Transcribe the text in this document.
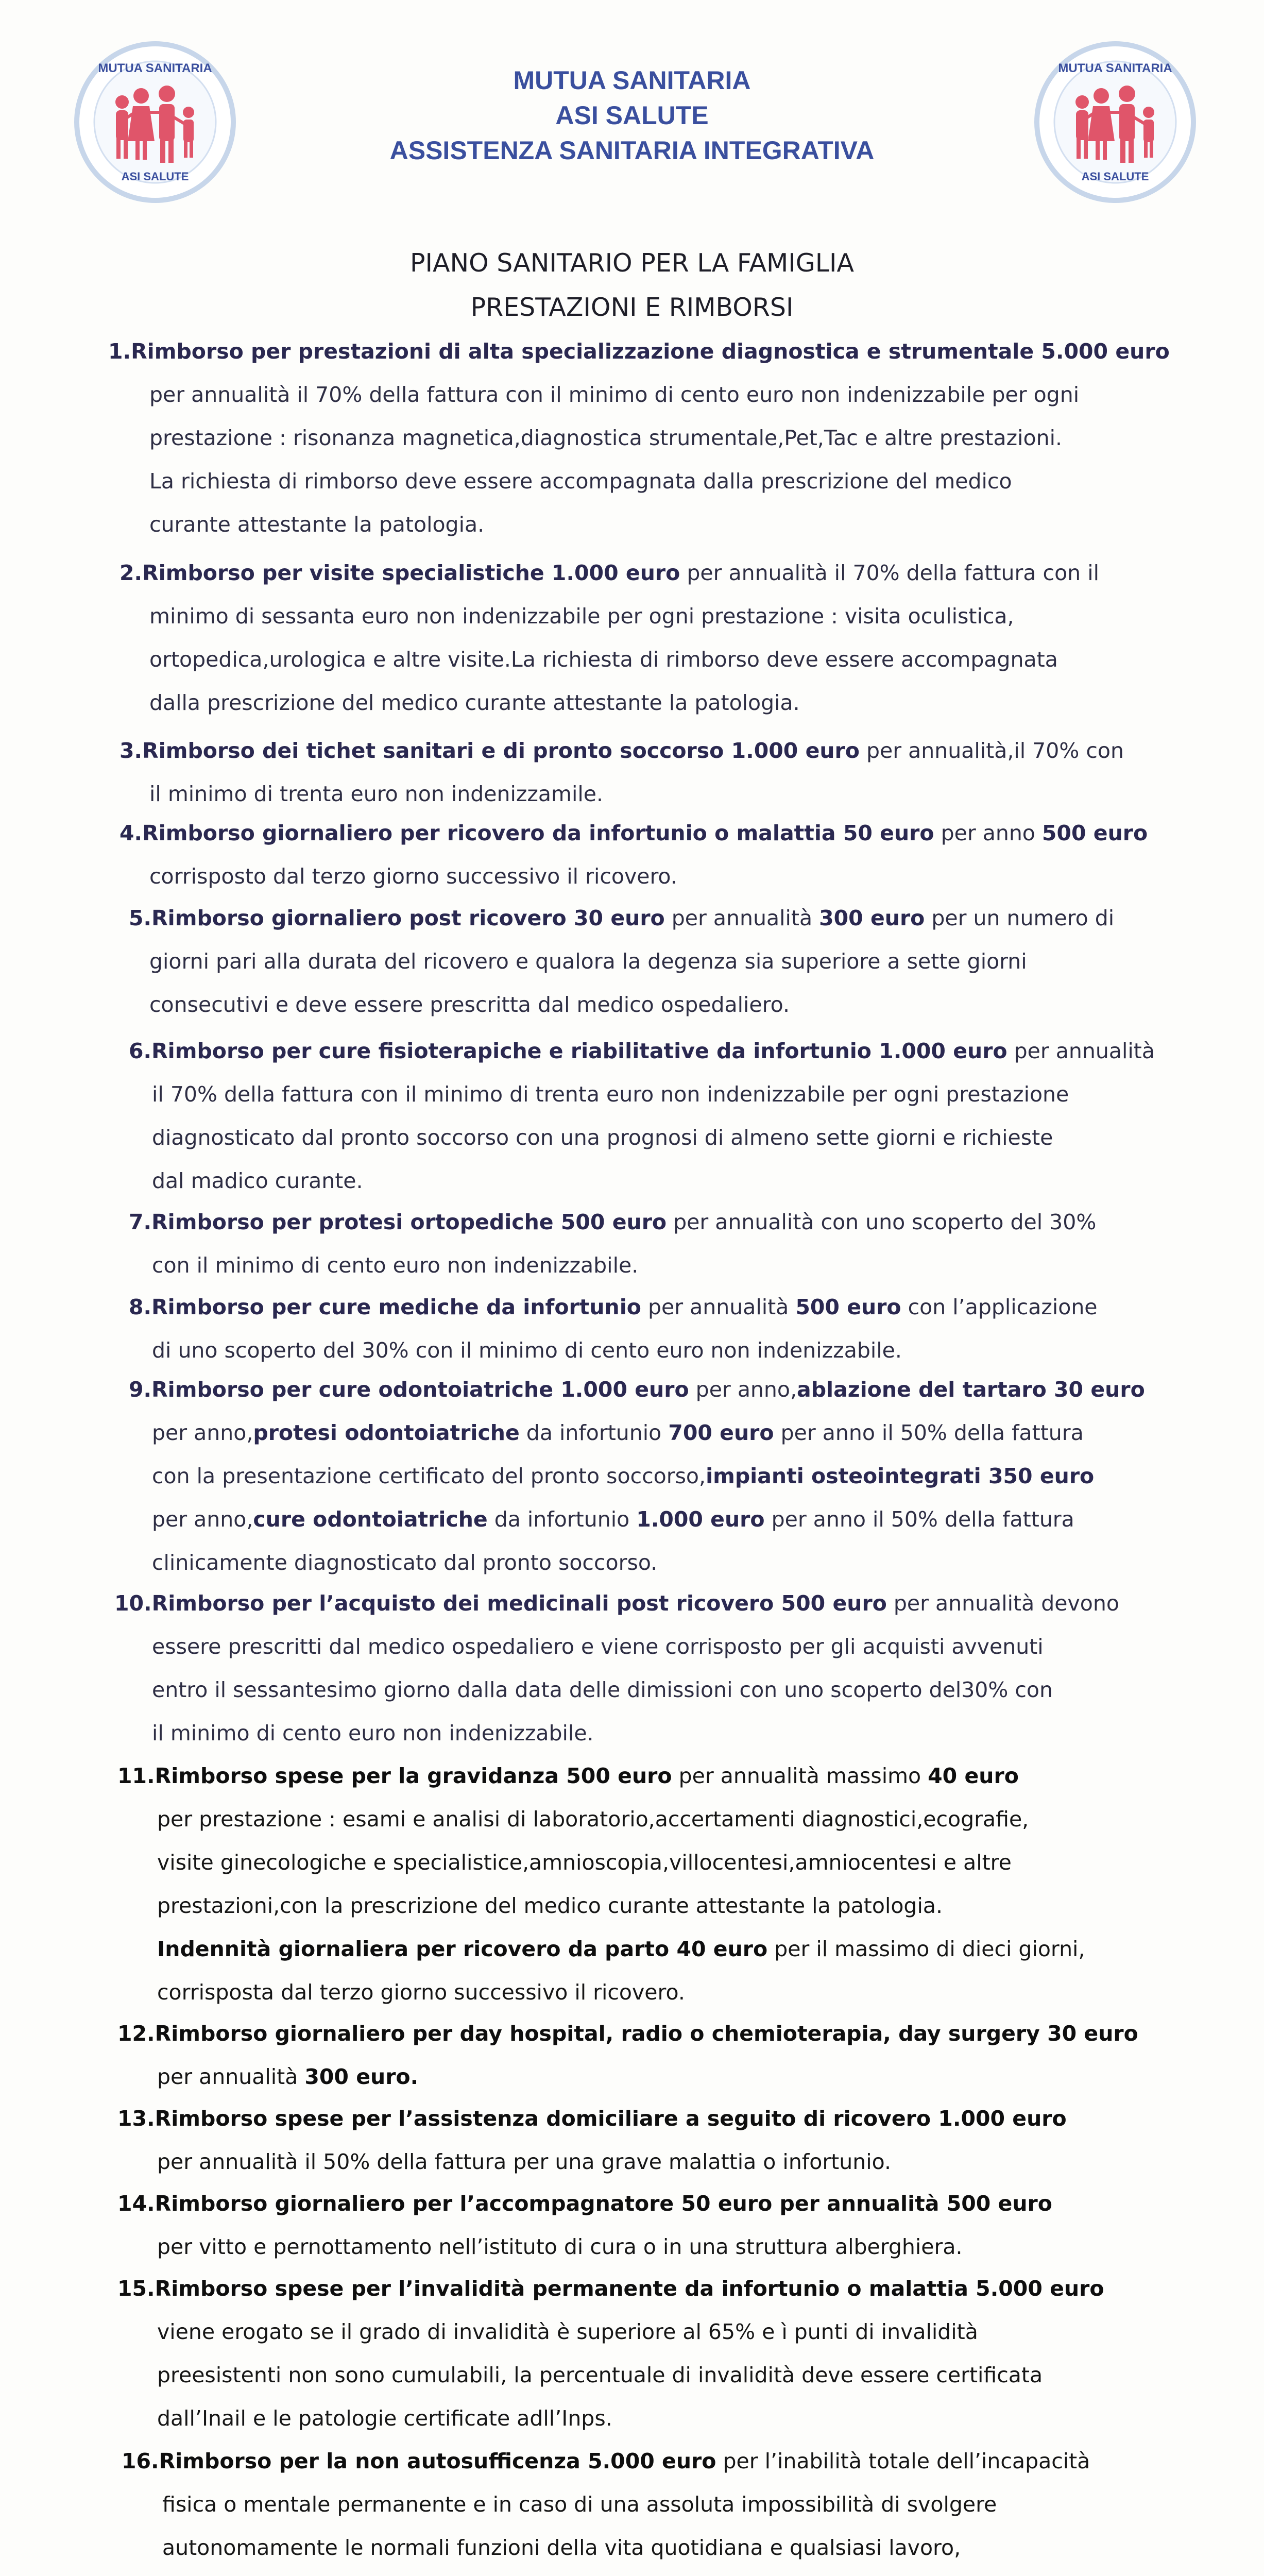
MUTUA SANITARIA
ASI SALUTE
MUTUA SANITARIA
ASI SALUTE
MUTUA SANITARIA
ASI SALUTE
ASSISTENZA SANITARIA INTEGRATIVA
PIANO SANITARIO PER LA FAMIGLIA
PRESTAZIONI E RIMBORSI

1.Rimborso per prestazioni di alta specializzazione diagnostica e strumentale 5.000 euro

per annualità il 70% della fattura con il minimo di cento euro non indenizzabile per ogni

prestazione : risonanza magnetica,diagnostica strumentale,Pet,Tac e altre prestazioni.

La richiesta di rimborso deve essere accompagnata dalla prescrizione del medico

curante attestante la patologia.

2.Rimborso per visite specialistiche 1.000 euro per annualità il 70% della fattura con il

minimo di sessanta euro non indenizzabile per ogni prestazione : visita oculistica,

ortopedica,urologica e altre visite.La richiesta di rimborso deve essere accompagnata

dalla prescrizione del medico curante attestante la patologia.

3.Rimborso dei tichet sanitari e di pronto soccorso 1.000 euro per annualità,il 70% con

il minimo di trenta euro non indenizzamile.

4.Rimborso giornaliero per ricovero da infortunio o malattia 50 euro per anno 500 euro

corrisposto dal terzo giorno successivo il ricovero.

5.Rimborso giornaliero post ricovero 30 euro per annualità 300 euro per un numero di

giorni pari alla durata del ricovero e qualora la degenza sia superiore a sette giorni

consecutivi e deve essere prescritta dal medico ospedaliero.

6.Rimborso per cure fisioterapiche e riabilitative da infortunio 1.000 euro per annualità

il 70% della fattura con il minimo di trenta euro non indenizzabile per ogni prestazione

diagnosticato dal pronto soccorso con una prognosi di almeno sette giorni e richieste

dal madico curante.

7.Rimborso per protesi ortopediche 500 euro per annualità con uno scoperto del 30%

con il minimo di cento euro non indenizzabile.

8.Rimborso per cure mediche da infortunio per annualità 500 euro con l’applicazione

di uno scoperto del 30% con il minimo di cento euro non indenizzabile.

9.Rimborso per cure odontoiatriche 1.000 euro per anno,ablazione del tartaro 30 euro

per anno,protesi odontoiatriche da infortunio 700 euro per anno il 50% della fattura

con la presentazione certificato del pronto soccorso,impianti osteointegrati 350 euro

per anno,cure odontoiatriche da infortunio 1.000 euro per anno il 50% della fattura

clinicamente diagnosticato dal pronto soccorso.

10.Rimborso per l’acquisto dei medicinali post ricovero 500 euro per annualità devono

essere prescritti dal medico ospedaliero e viene corrisposto per gli acquisti avvenuti

entro il sessantesimo giorno dalla data delle dimissioni con uno scoperto del30% con

il minimo di cento euro non indenizzabile.

11.Rimborso spese per la gravidanza 500 euro per annualità massimo 40 euro

per prestazione : esami e analisi di laboratorio,accertamenti diagnostici,ecografie,

visite ginecologiche e specialistice,amnioscopia,villocentesi,amniocentesi e altre

prestazioni,con la prescrizione del medico curante attestante la patologia.

Indennità giornaliera per ricovero da parto 40 euro per il massimo di dieci giorni,

corrisposta dal terzo giorno successivo il ricovero.

12.Rimborso giornaliero per day hospital, radio o chemioterapia, day surgery 30 euro

per annualità 300 euro.

13.Rimborso spese per l’assistenza domiciliare a seguito di ricovero 1.000 euro

per annualità il 50% della fattura per una grave malattia o infortunio.

14.Rimborso giornaliero per l’accompagnatore 50 euro per annualità 500 euro

per vitto e pernottamento nell’istituto di cura o in una struttura alberghiera.

15.Rimborso spese per l’invalidità permanente da infortunio o malattia 5.000 euro

viene erogato se il grado di invalidità è superiore al 65% e ì punti di invalidità

preesistenti non sono cumulabili, la percentuale di invalidità deve essere certificata

dall’Inail e le patologie certificate adll’Inps.

16.Rimborso per la non autosufficenza 5.000 euro per l’inabilità totale dell’incapacità

fisica o mentale permanente e in caso di una assoluta impossibilità di svolgere

autonomamente le normali funzioni della vita quotidiana e qualsiasi lavoro,
